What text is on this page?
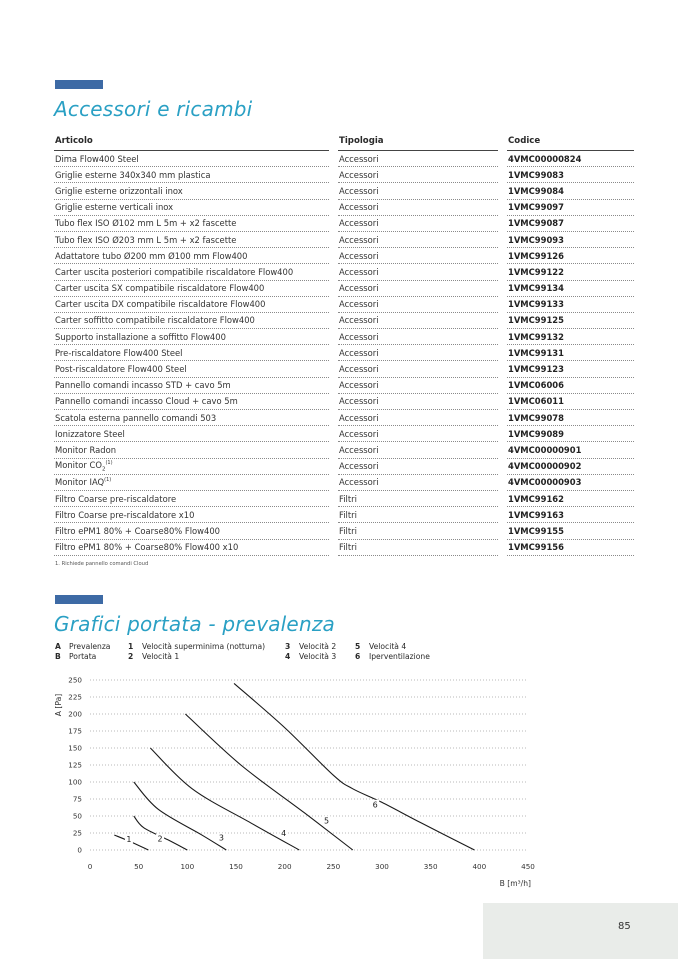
Accessori e ricambi
Articolo		Tipologia		Codice
Dima Flow400 Steel		Accessori		4VMC00000824
Griglie esterne 340x340 mm plastica		Accessori		1VMC99083
Griglie esterne orizzontali inox		Accessori		1VMC99084
Griglie esterne verticali inox		Accessori		1VMC99097
Tubo flex ISO Ø102 mm L 5m + x2 fascette		Accessori		1VMC99087
Tubo flex ISO Ø203 mm L 5m + x2 fascette		Accessori		1VMC99093
Adattatore tubo Ø200 mm Ø100 mm Flow400		Accessori		1VMC99126
Carter uscita posteriori compatibile riscaldatore Flow400		Accessori		1VMC99122
Carter uscita SX compatibile riscaldatore Flow400		Accessori		1VMC99134
Carter uscita DX compatibile riscaldatore Flow400		Accessori		1VMC99133
Carter soffitto compatibile riscaldatore Flow400		Accessori		1VMC99125
Supporto installazione a soffitto Flow400		Accessori		1VMC99132
Pre-riscaldatore Flow400 Steel		Accessori		1VMC99131
Post-riscaldatore Flow400 Steel		Accessori		1VMC99123
Pannello comandi incasso STD + cavo 5m		Accessori		1VMC06006
Pannello comandi incasso Cloud + cavo 5m		Accessori		1VMC06011
Scatola esterna pannello comandi 503		Accessori		1VMC99078
Ionizzatore Steel		Accessori		1VMC99089
Monitor Radon		Accessori		4VMC00000901
Monitor $CO_2^{(1)}$		Accessori		4VMC00000902
Monitor IAQ$^{(1)}$		Accessori		4VMC00000903
Filtro Coarse pre-riscaldatore		Filtri		1VMC99162
Filtro Coarse pre-riscaldatore x10		Filtri		1VMC99163
Filtro ePM1 80% + Coarse80% Flow400		Filtri		1VMC99155
Filtro ePM1 80% + Coarse80% Flow400 x10		Filtri		1VMC99156
1. Richiede pannello comandi Cloud
Grafici portata - prevalenza
A Prevalenza
B Portata
1 Velocità superminima (notturna)
2 Velocità 1
3 Velocità 2
4 Velocità 3
5 Velocità 4
6 Iperventilazione
0
25
50
75
100
125
150
175
200
225
250
0	50	100	150	200	250	300	350	400	450
A [Pa]
B [m³/h]
1	2	3
4
5
6
85
